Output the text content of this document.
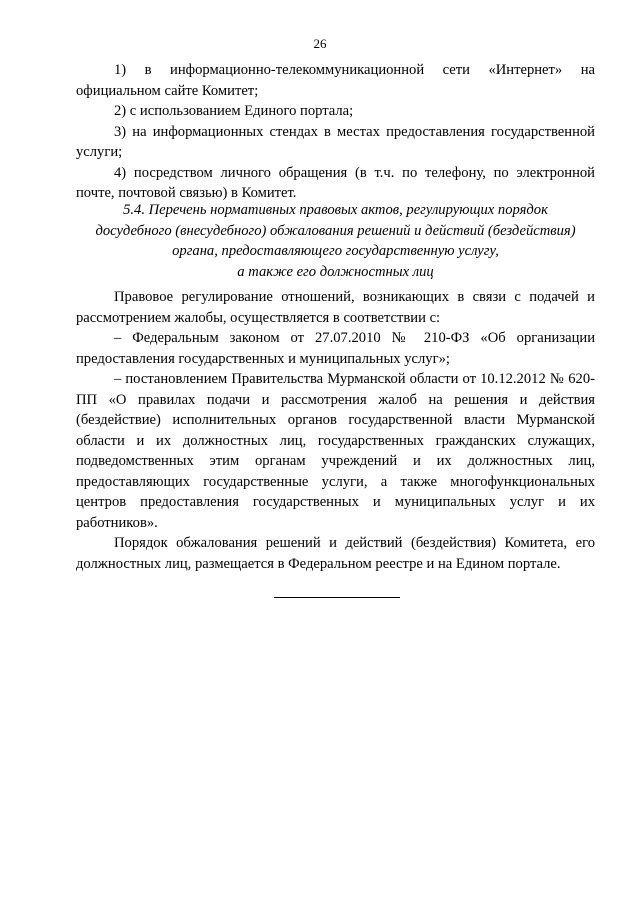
26

1) в информационно-телекоммуникационной сети «Интернет» на официальном сайте Комитет;

2) с использованием Единого портала;

3) на информационных стендах в местах предоставления государственной услуги;

4) посредством личного обращения (в т.ч. по телефону, по электронной почте, почтовой связью) в Комитет.

5.4. Перечень нормативных правовых актов, регулирующих порядок
досудебного (внесудебного) обжалования решений и действий (бездействия)
органа, предоставляющего государственную услугу,
а также его должностных лиц

Правовое регулирование отношений, возникающих в связи с подачей и рассмотрением жалобы, осуществляется в соответствии с:

– Федеральным законом от 27.07.2010 № 210-ФЗ «Об организации предоставления государственных и муниципальных услуг»;

– постановлением Правительства Мурманской области от 10.12.2012 № 620-ПП «О правилах подачи и рассмотрения жалоб на решения и действия (бездействие) исполнительных органов государственной власти Мурманской области и их должностных лиц, государственных гражданских служащих, подведомственных этим органам учреждений и их должностных лиц, предоставляющих государственные услуги, а также многофункциональных центров предоставления государственных и муниципальных услуг и их работников».

Порядок обжалования решений и действий (бездействия) Комитета, его должностных лиц, размещается в Федеральном реестре и на Едином портале.
